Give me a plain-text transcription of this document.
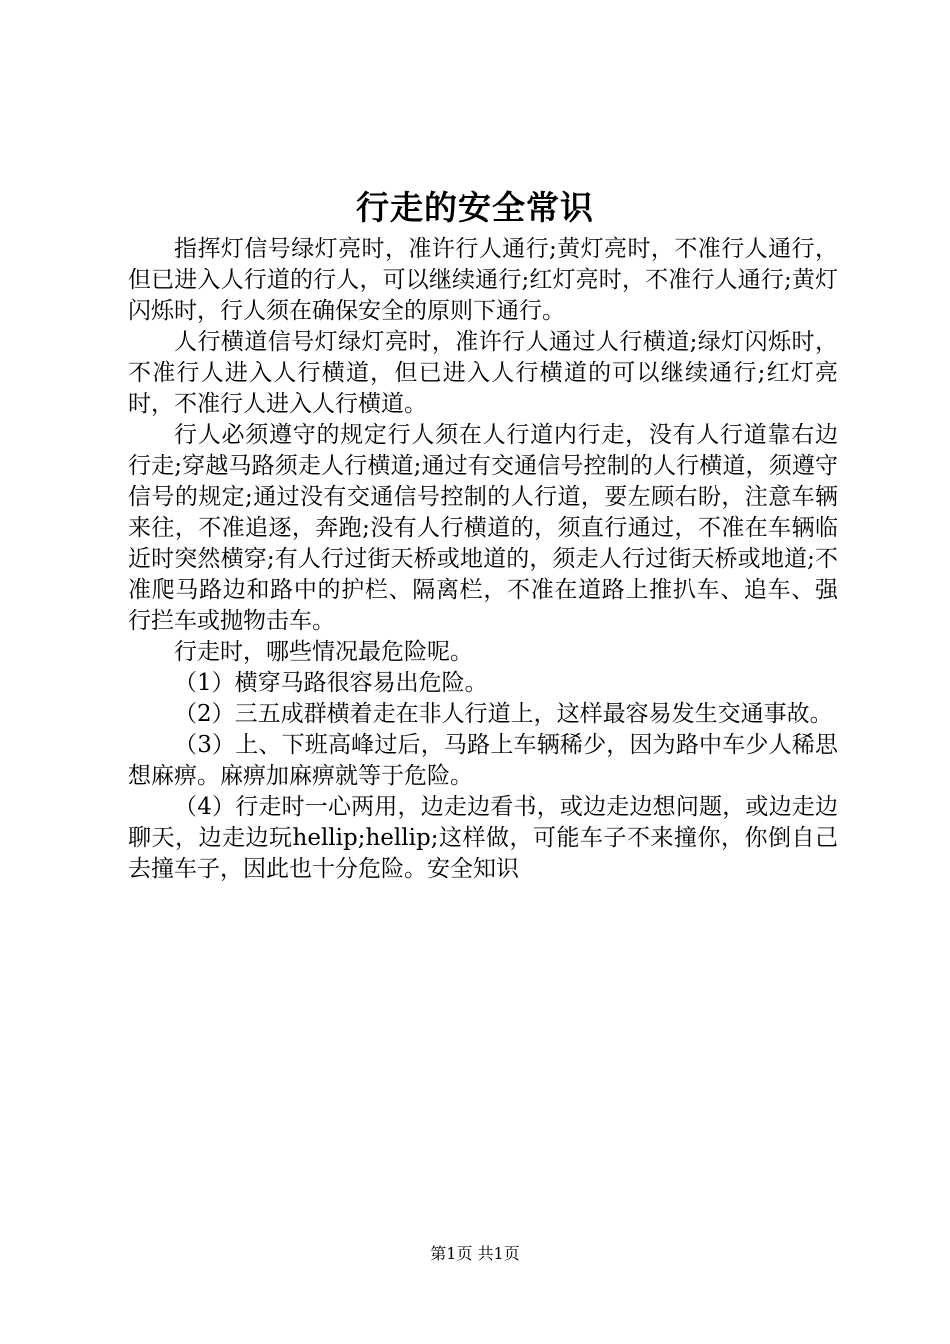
行走的安全常识

指挥灯信号绿灯亮时，准许行人通行;黄灯亮时，不准行人通行，但已进入人行道的行人，可以继续通行;红灯亮时，不准行人通行;黄灯闪烁时，行人须在确保安全的原则下通行。

人行横道信号灯绿灯亮时，准许行人通过人行横道;绿灯闪烁时，不准行人进入人行横道，但已进入人行横道的可以继续通行;红灯亮时，不准行人进入人行横道。

行人必须遵守的规定行人须在人行道内行走，没有人行道靠右边行走;穿越马路须走人行横道;通过有交通信号控制的人行横道，须遵守信号的规定;通过没有交通信号控制的人行道，要左顾右盼，注意车辆来往，不准追逐，奔跑;没有人行横道的，须直行通过，不准在车辆临近时突然横穿;有人行过街天桥或地道的，须走人行过街天桥或地道;不准爬马路边和路中的护栏、隔离栏，不准在道路上推扒车、追车、强行拦车或抛物击车。

行走时，哪些情况最危险呢。

（1）横穿马路很容易出危险。

（2）三五成群横着走在非人行道上，这样最容易发生交通事故。

（3）上、下班高峰过后，马路上车辆稀少，因为路中车少人稀思想麻痹。麻痹加麻痹就等于危险。

（4）行走时一心两用，边走边看书，或边走边想问题，或边走边聊天，边走边玩hellip;hellip;这样做，可能车子不来撞你，你倒自己去撞车子，因此也十分危险。安全知识

第1页 共1页
